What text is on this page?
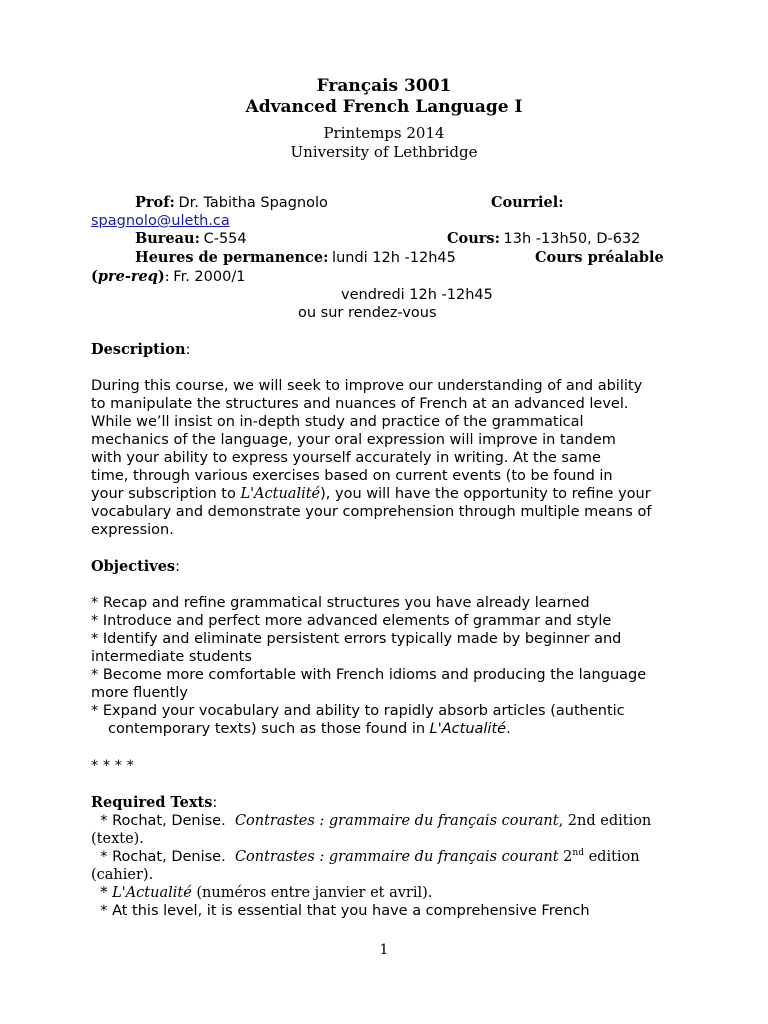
Français 3001
Advanced French Language I
Printemps 2014
University of Lethbridge
Prof: Dr. Tabitha Spagnolo	Courriel:
spagnolo@uleth.ca
Bureau: C-554	Cours: 13h -13h50, D-632
Heures de permanence: lundi 12h -12h45	Cours préalable
(pre-req): Fr. 2000/1
vendredi 12h -12h45
ou sur rendez-vous
Description:

During this course, we will seek to improve our understanding of and ability

to manipulate the structures and nuances of French at an advanced level.

While we’ll insist on in-depth study and practice of the grammatical

mechanics of the language, your oral expression will improve in tandem

with your ability to express yourself accurately in writing. At the same

time, through various exercises based on current events (to be found in

your subscription to L'Actualité), you will have the opportunity to refine your

vocabulary and demonstrate your comprehension through multiple means of

expression.

Objectives:

* Recap and refine grammatical structures you have already learned

* Introduce and perfect more advanced elements of grammar and style

* Identify and eliminate persistent errors typically made by beginner and

intermediate students

* Become more comfortable with French idioms and producing the language

more fluently

* Expand your vocabulary and ability to rapidly absorb articles (authentic

contemporary texts) such as those found in L'Actualité.

* * * *
Required Texts:

* Rochat, Denise.  Contrastes : grammaire du français courant, 2nd edition

(texte).

* Rochat, Denise.  Contrastes : grammaire du français courant 2nd edition

(cahier).

* L'Actualité (numéros entre janvier et avril).

* At this level, it is essential that you have a comprehensive French

1
